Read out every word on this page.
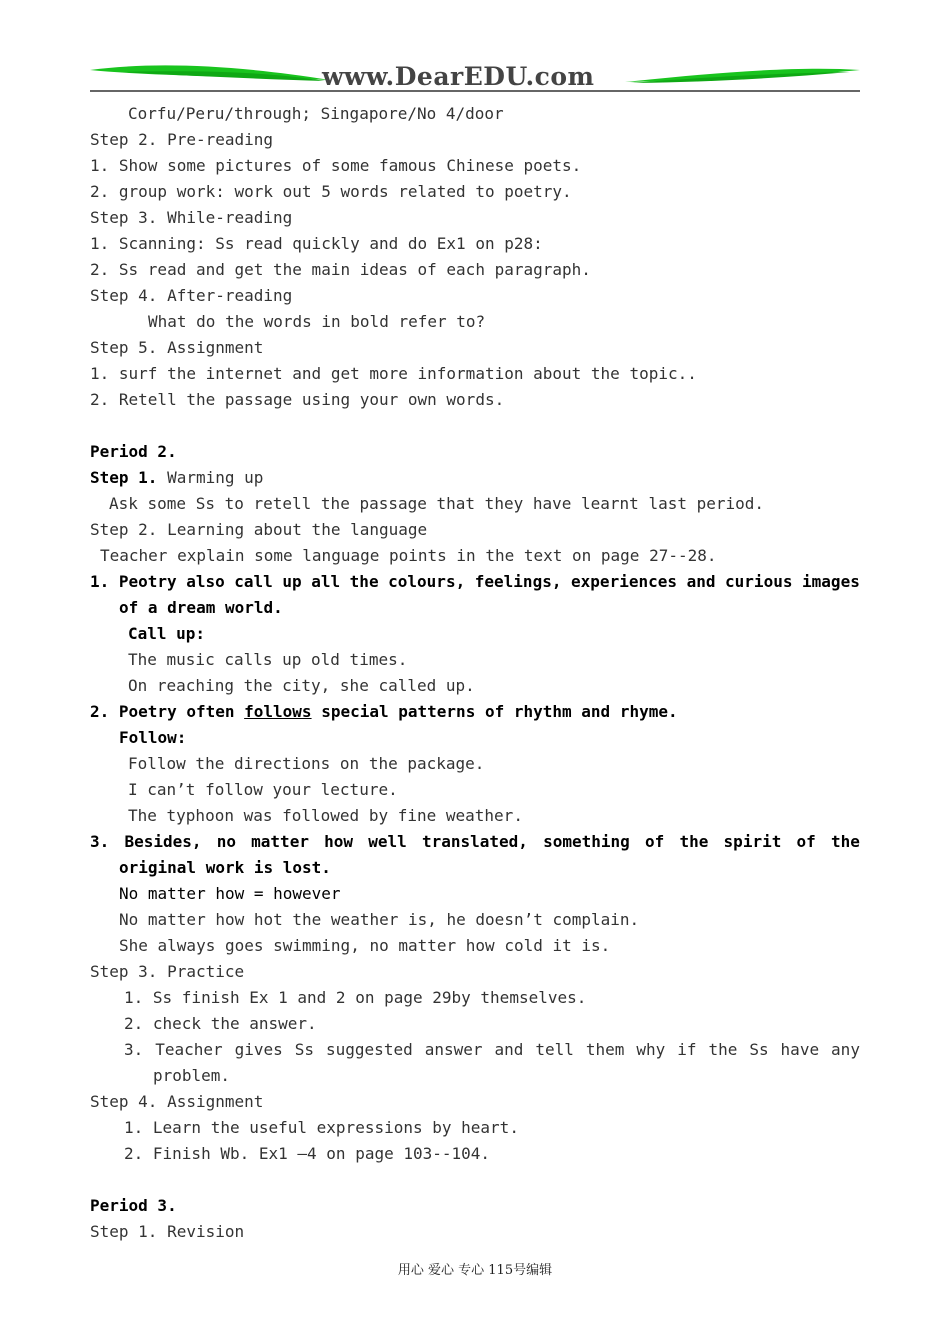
www.DearEDU.com
Corfu/Peru/through; Singapore/No 4/door
Step 2. Pre-reading
1. Show some pictures of some famous Chinese poets.
2. group work: work out 5 words related to poetry.
Step 3. While-reading
1. Scanning: Ss read quickly and do Ex1 on p28:
2. Ss read and get the main ideas of each paragraph.
Step 4. After-reading
What do the words in bold refer to?
Step 5. Assignment
1. surf the internet and get more information about the topic..
2. Retell the passage using your own words.
Period 2.
Step 1. Warming up
Ask some Ss to retell the passage that they have learnt last period.
Step 2. Learning about the language
Teacher explain some language points in the text on page 27--28.
1. Peotry also call up all the colours, feelings, experiences and curious images
of a dream world.
Call up:
The music calls up old times.
On reaching the city, she called up.
2. Poetry often follows special patterns of rhythm and rhyme.
Follow:
Follow the directions on the package.
I can’t follow your lecture.
The typhoon was followed by fine weather.
3. Besides, no matter how well translated, something of the spirit of the
original work is lost.
No matter how = however
No matter how hot the weather is, he doesn’t complain.
She always goes swimming, no matter how cold it is.
Step 3. Practice
1. Ss finish Ex 1 and 2 on page 29by themselves.
2. check the answer.
3. Teacher gives Ss suggested answer and tell them why if the Ss have any
problem.
Step 4. Assignment
1. Learn the useful expressions by heart.
2. Finish Wb. Ex1 –4 on page 103--104.
Period 3.
Step 1. Revision
用心 爱心 专心 115号编辑
